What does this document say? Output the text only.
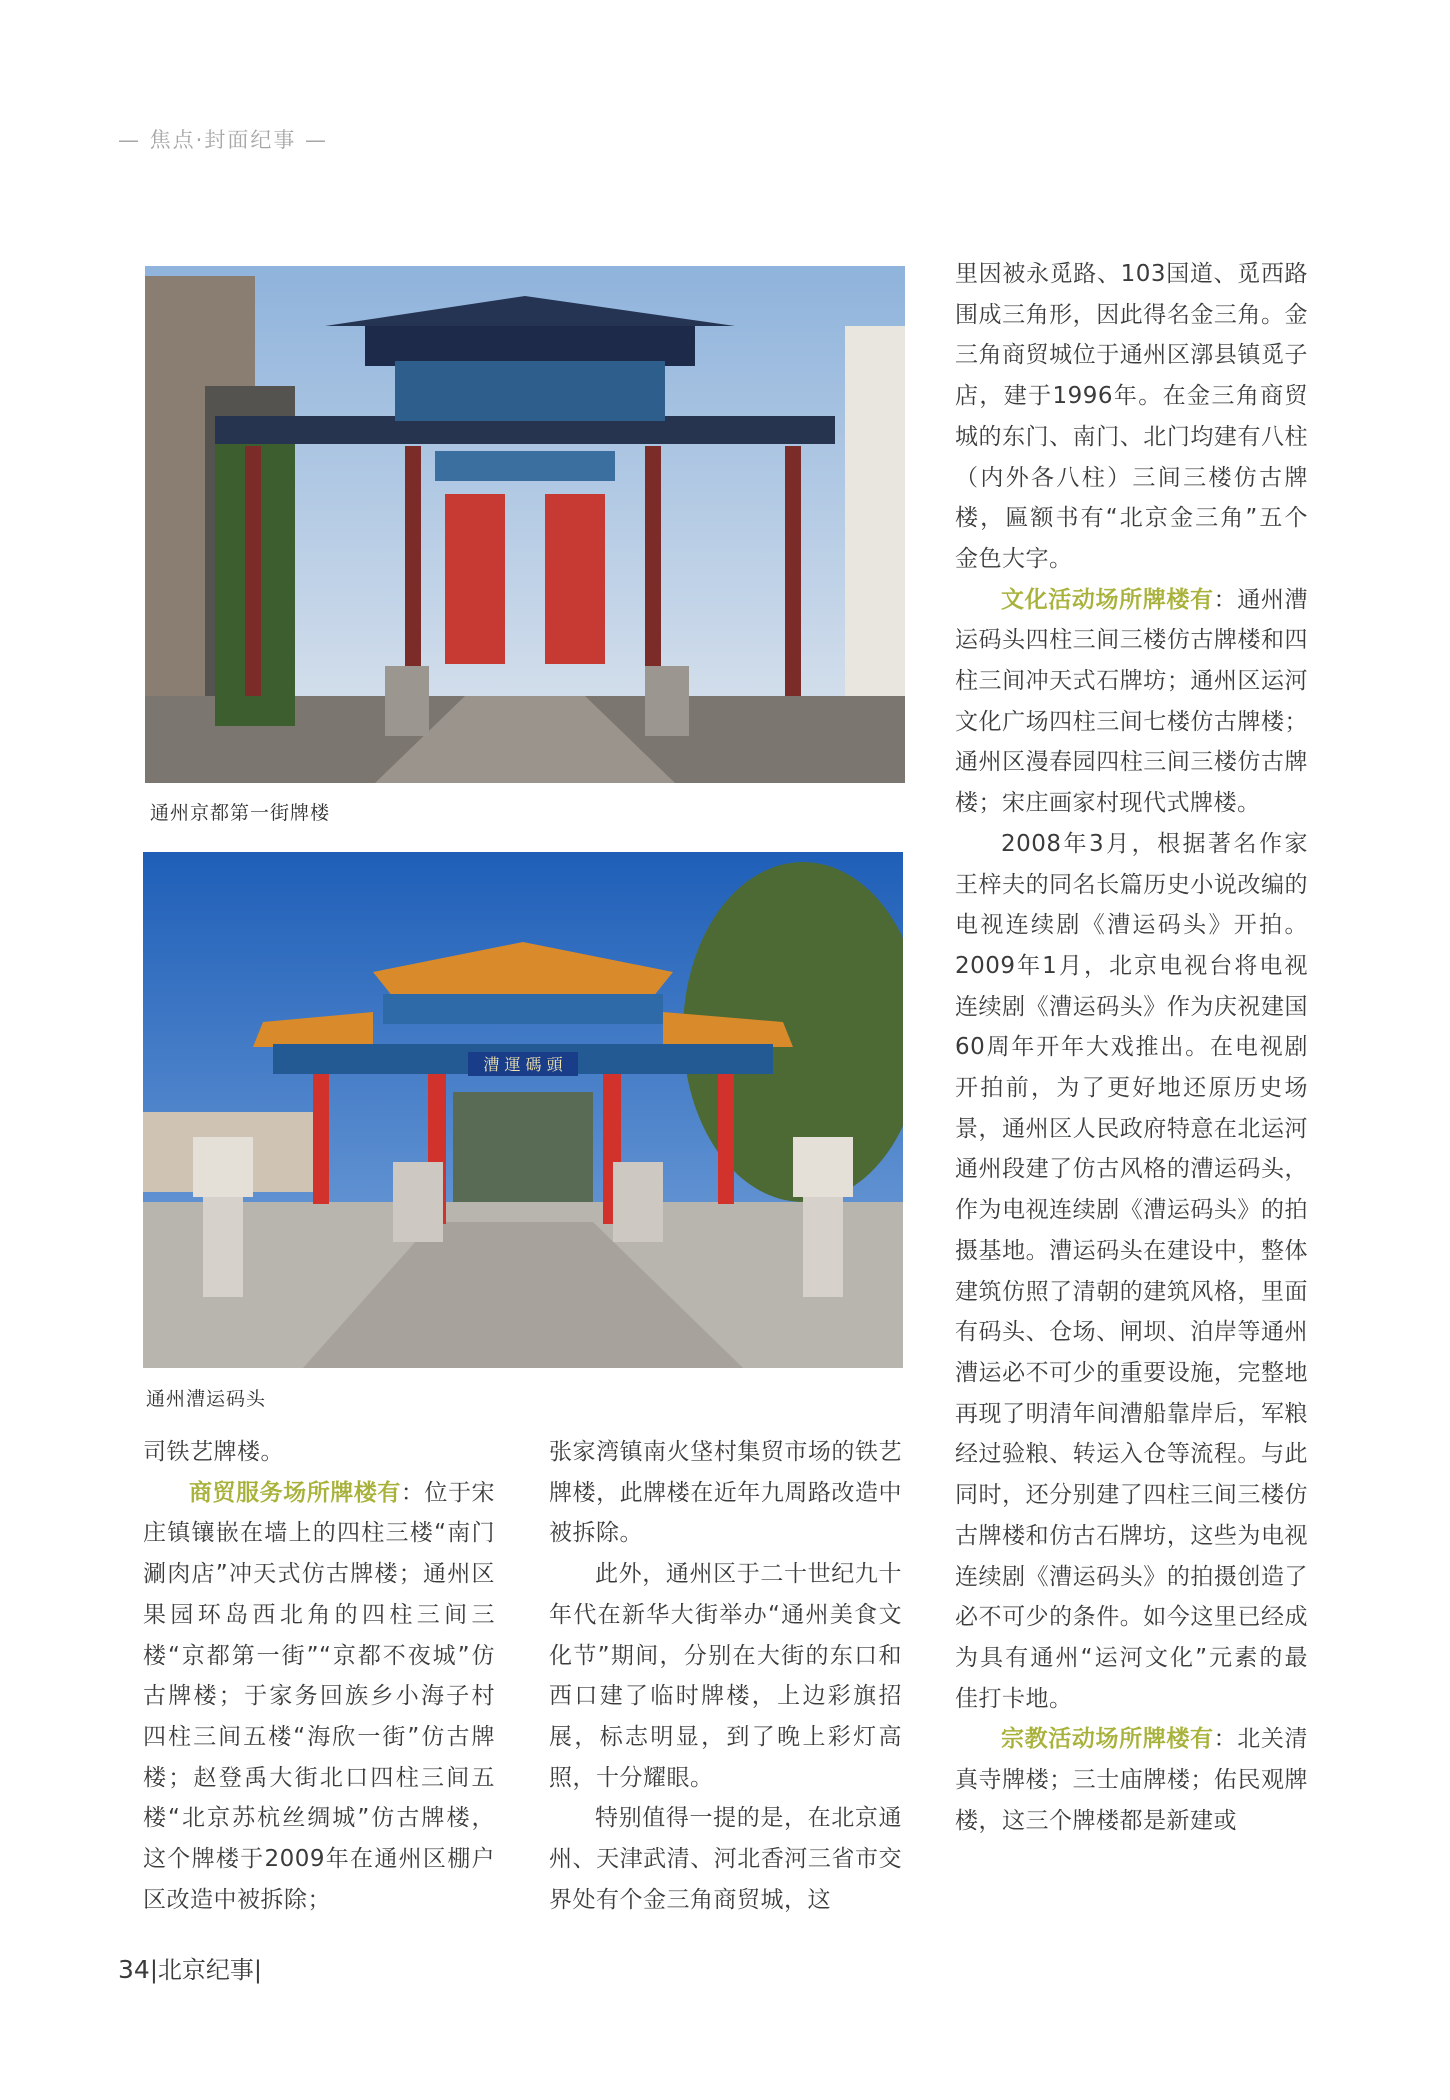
— 焦点·封面纪事 —
通州京都第一街牌楼
漕 運 碼 頭
通州漕运码头

司铁艺牌楼。

商贸服务场所牌楼有：位于宋庄镇镶嵌在墙上的四柱三楼“南门涮肉店”冲天式仿古牌楼；通州区果园环岛西北角的四柱三间三楼“京都第一街”“京都不夜城”仿古牌楼；于家务回族乡小海子村四柱三间五楼“海欣一街”仿古牌楼；赵登禹大街北口四柱三间五楼“北京苏杭丝绸城”仿古牌楼，这个牌楼于2009年在通州区棚户区改造中被拆除；

张家湾镇南火垡村集贸市场的铁艺牌楼，此牌楼在近年九周路改造中被拆除。

此外，通州区于二十世纪九十年代在新华大街举办“通州美食文化节”期间，分别在大街的东口和西口建了临时牌楼，上边彩旗招展，标志明显，到了晚上彩灯高照，十分耀眼。

特别值得一提的是，在北京通州、天津武清、河北香河三省市交界处有个金三角商贸城，这

里因被永觅路、103国道、觅西路围成三角形，因此得名金三角。金三角商贸城位于通州区漷县镇觅子店，建于1996年。在金三角商贸城的东门、南门、北门均建有八柱（内外各八柱）三间三楼仿古牌楼，匾额书有“北京金三角”五个金色大字。

文化活动场所牌楼有：通州漕运码头四柱三间三楼仿古牌楼和四柱三间冲天式石牌坊；通州区运河文化广场四柱三间七楼仿古牌楼；通州区漫春园四柱三间三楼仿古牌楼；宋庄画家村现代式牌楼。

2008年3月，根据著名作家王梓夫的同名长篇历史小说改编的电视连续剧《漕运码头》开拍。2009年1月，北京电视台将电视连续剧《漕运码头》作为庆祝建国60周年开年大戏推出。在电视剧开拍前，为了更好地还原历史场景，通州区人民政府特意在北运河通州段建了仿古风格的漕运码头，作为电视连续剧《漕运码头》的拍摄基地。漕运码头在建设中，整体建筑仿照了清朝的建筑风格，里面有码头、仓场、闸坝、泊岸等通州漕运必不可少的重要设施，完整地再现了明清年间漕船靠岸后，军粮经过验粮、转运入仓等流程。与此同时，还分别建了四柱三间三楼仿古牌楼和仿古石牌坊，这些为电视连续剧《漕运码头》的拍摄创造了必不可少的条件。如今这里已经成为具有通州“运河文化”元素的最佳打卡地。

宗教活动场所牌楼有：北关清真寺牌楼；三士庙牌楼；佑民观牌楼，这三个牌楼都是新建或

34|北京纪事|
